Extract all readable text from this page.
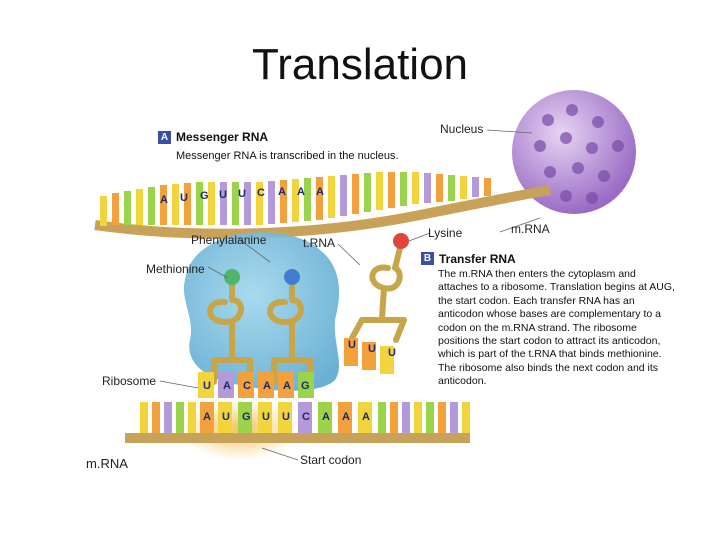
Translation
A Messenger RNA
Messenger RNA is transcribed in the nucleus.
B Transfer RNA
The m.RNA then enters the cytoplasm and attaches to a ribosome. Translation begins at AUG, the start codon. Each transfer RNA has an anticodon whose bases are complementary to a codon on the m.RNA strand. The ribosome positions the start codon to attract its anticodon, which is part of the t.RNA that binds methionine. The ribosome also binds the next codon and its anticodon.
Nucleus
Phenylalanine	t.RNA
Lysine	m.RNA
Methionine
Ribosome
m.RNA	Start codon
A U G U U C A A A
U U U
U A C A A G
A U G U U C A A A
